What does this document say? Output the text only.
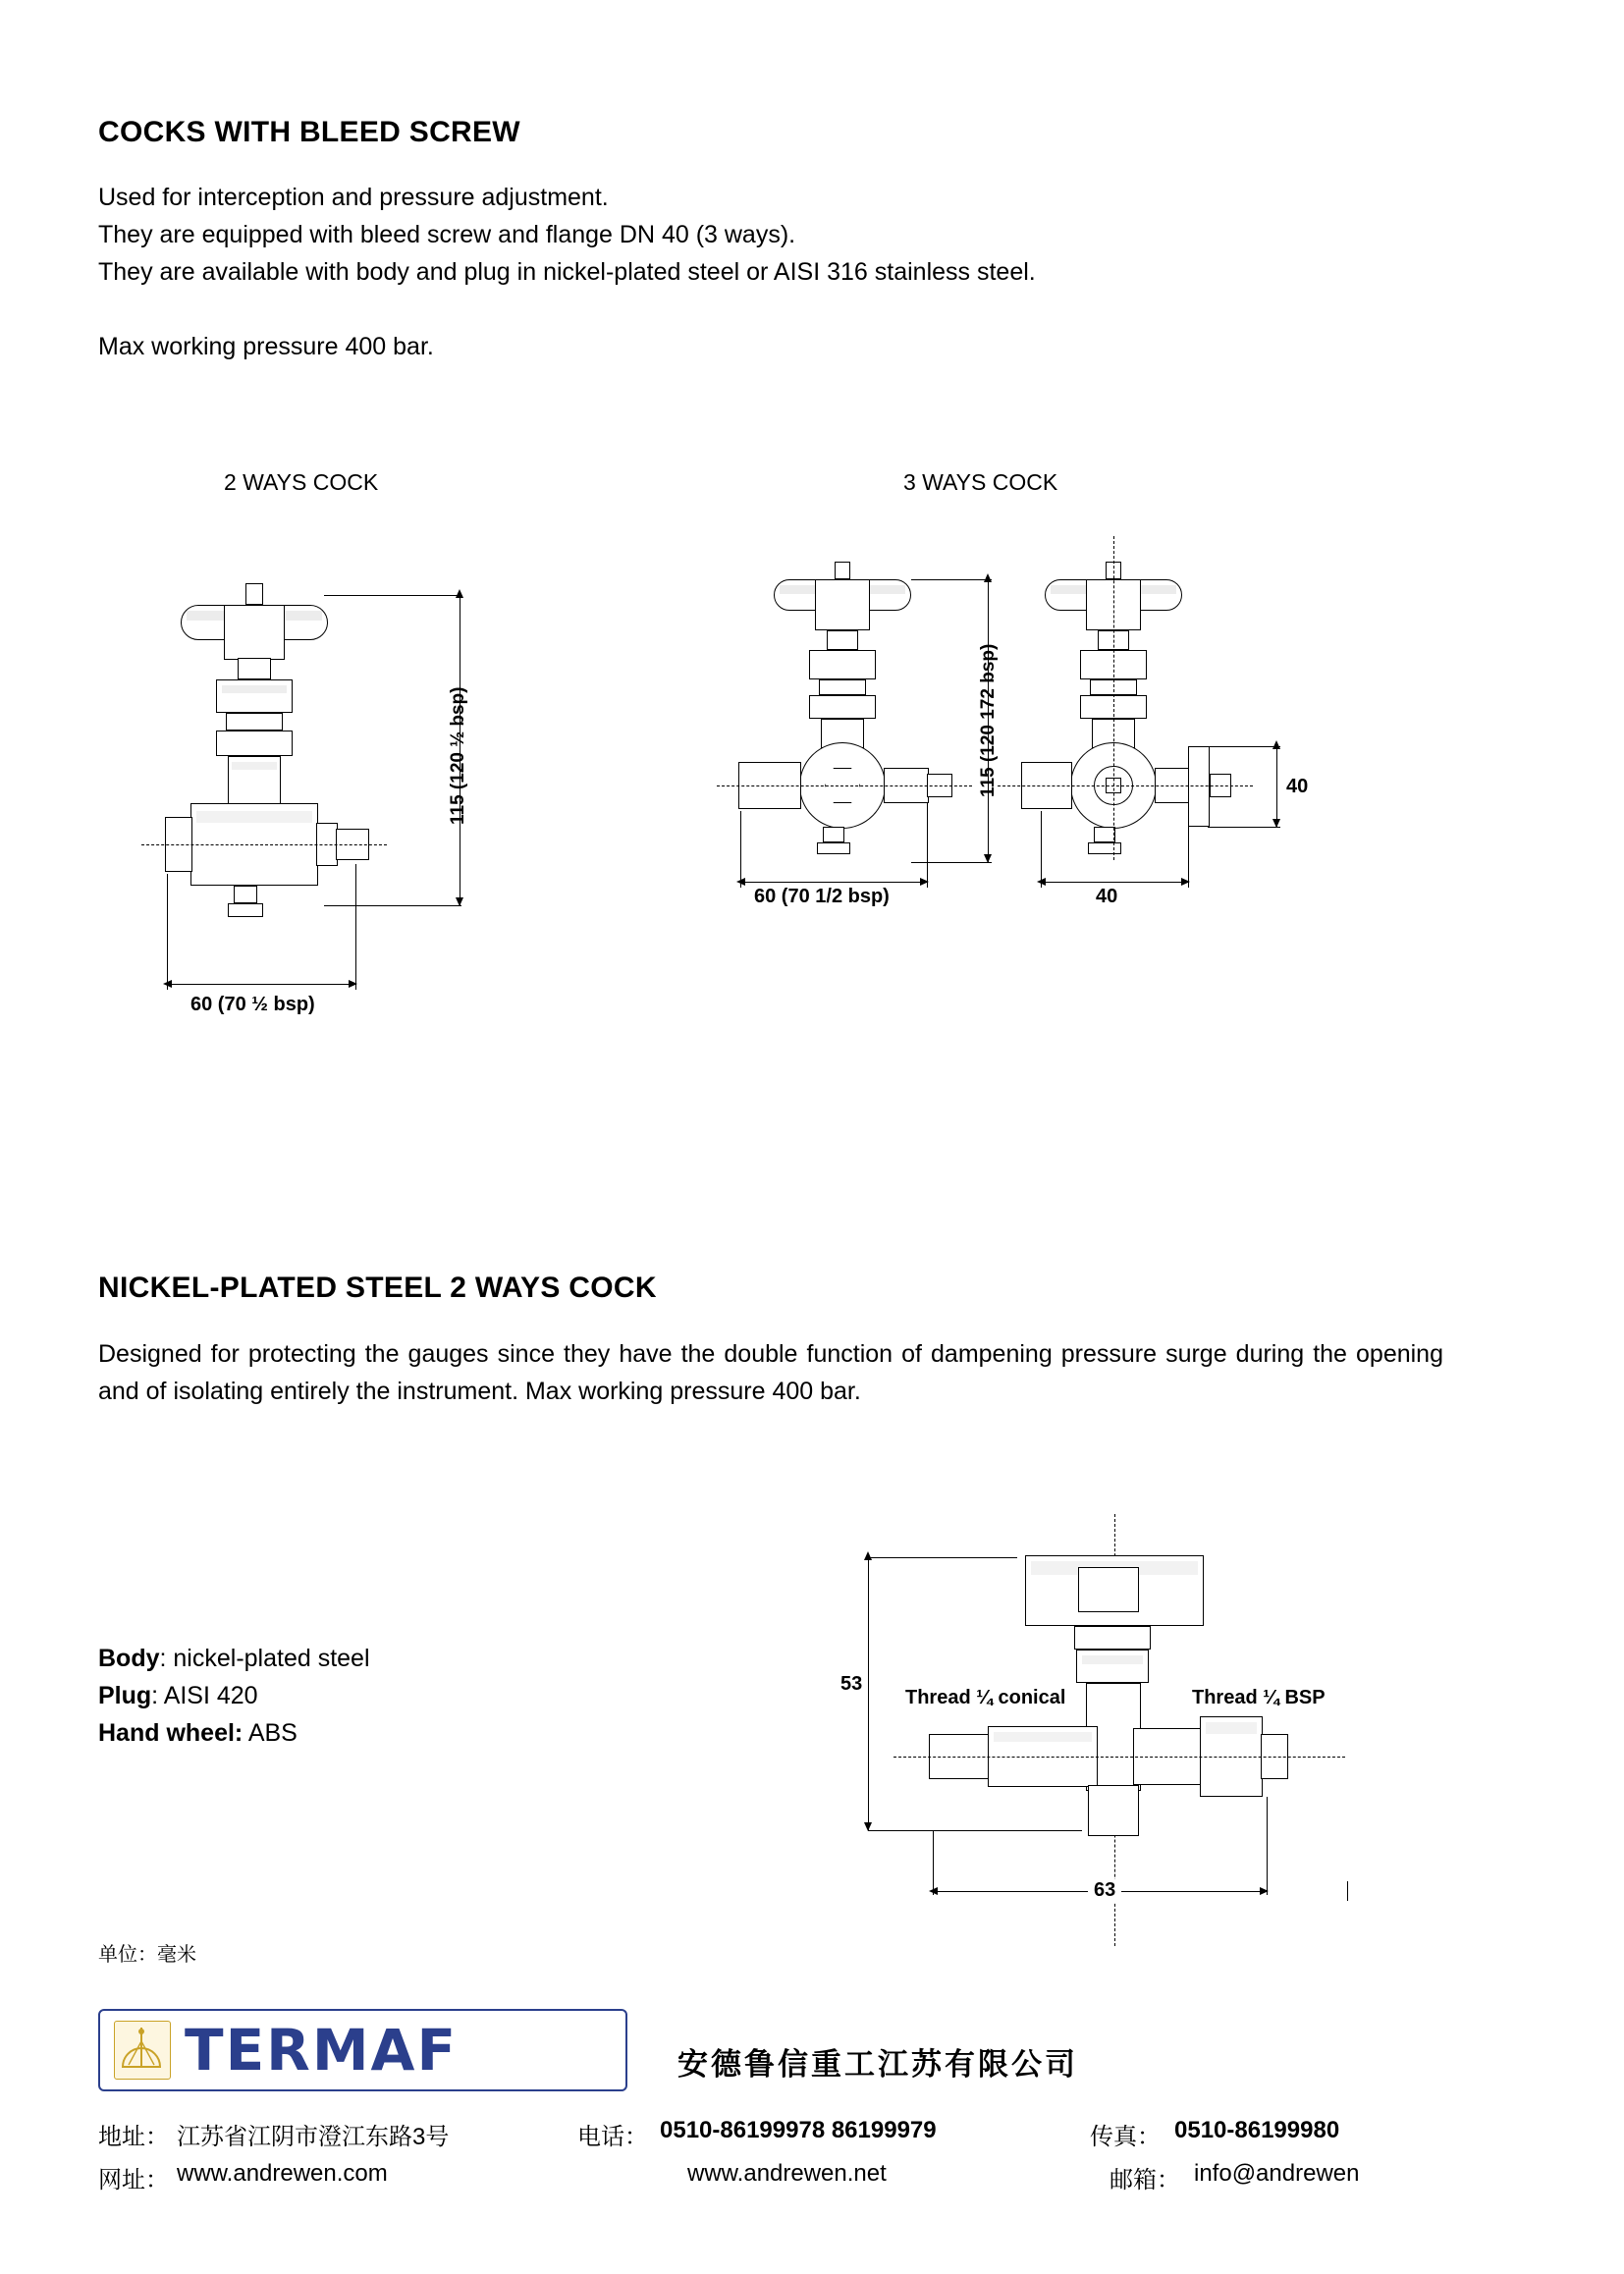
COCKS WITH BLEED SCREW
Used for interception and pressure adjustment.
They are equipped with bleed screw and flange DN 40 (3 ways).
They are available with body and plug in nickel-plated steel or AISI 316 stainless steel.
Max working pressure 400 bar.
2 WAYS COCK
115 (120 ½ bsp)
60 (70 ½ bsp)
3 WAYS COCK
60 (70 1/2 bsp)	40
40
115 (120 172 bsp)
NICKEL-PLATED STEEL 2 WAYS COCK
Designed for protecting the gauges since they have the double function of dampening pressure surge during the opening and of isolating entirely the instrument. Max working pressure 400 bar.
Body: nickel-plated steel
Plug: AISI 420
Hand wheel: ABS
53
Thread ¼ conical	Thread ¼ BSP
63
单位：毫米
TERMAF	安德鲁信重工江苏有限公司
地址： 江苏省江阴市澄江东路3号	电话： 0510-86199978 86199979	传真： 0510-86199980
网址： www.andrewen.com	www.andrewen.net	邮箱： info@andrewen
